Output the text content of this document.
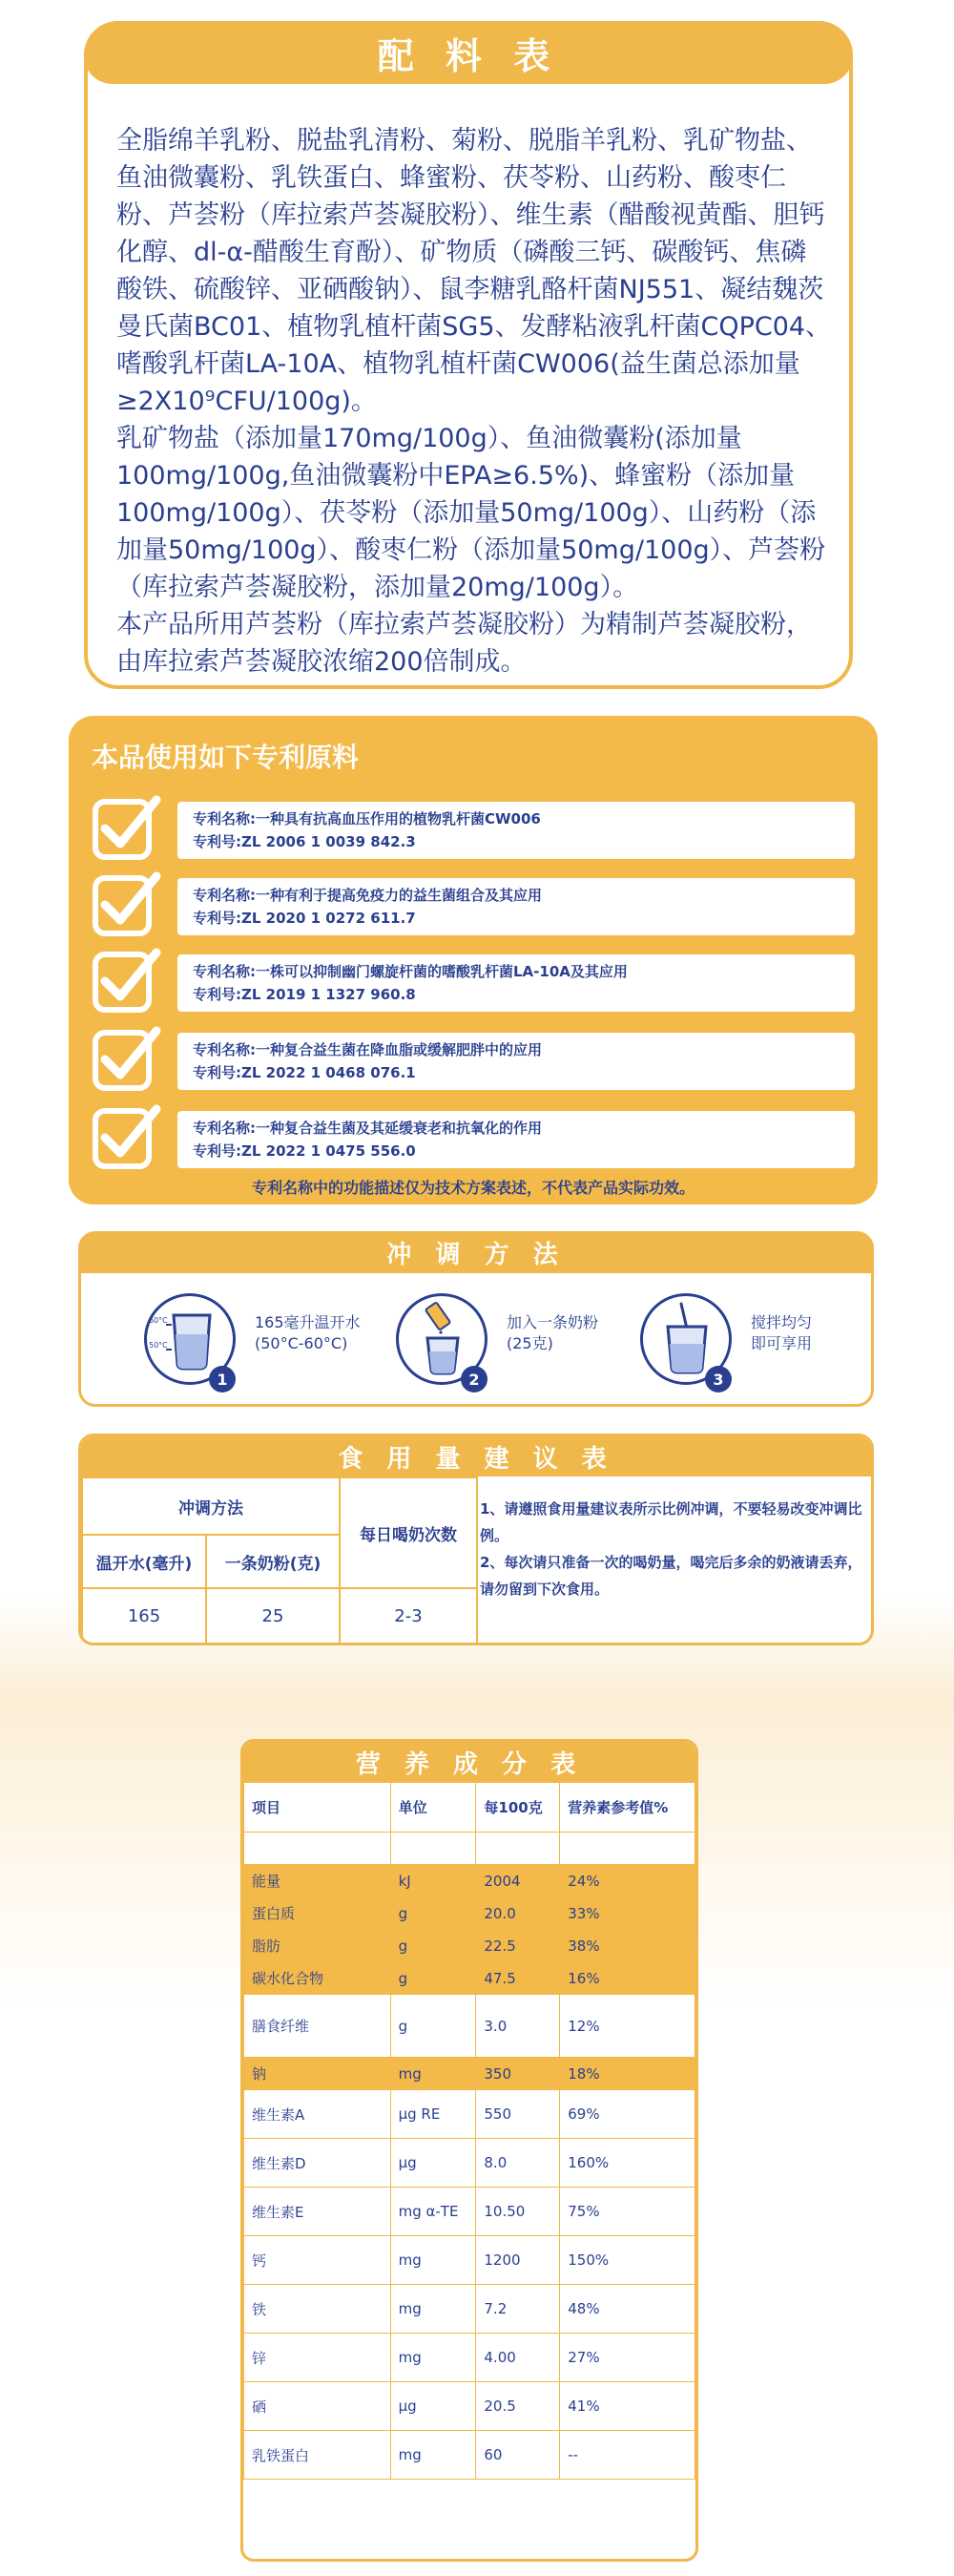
配 料 表

全脂绵羊乳粉、脱盐乳清粉、菊粉、脱脂羊乳粉、乳矿物盐、鱼油微囊粉、乳铁蛋白、蜂蜜粉、茯苓粉、山药粉、酸枣仁粉、芦荟粉（库拉索芦荟凝胶粉）、维生素（醋酸视黄酯、胆钙化醇、dl-α-醋酸生育酚）、矿物质（磷酸三钙、碳酸钙、焦磷酸铁、硫酸锌、亚硒酸钠）、鼠李糖乳酪杆菌NJ551、凝结魏茨曼氏菌BC01、植物乳植杆菌SG5、发酵粘液乳杆菌CQPC04、嗜酸乳杆菌LA-10A、植物乳植杆菌CW006(益生菌总添加量≥2X10⁹CFU/100g)。

乳矿物盐（添加量170mg/100g）、鱼油微囊粉(添加量100mg/100g,鱼油微囊粉中EPA≥6.5%)、蜂蜜粉（添加量100mg/100g）、茯苓粉（添加量50mg/100g）、山药粉（添加量50mg/100g）、酸枣仁粉（添加量50mg/100g）、芦荟粉（库拉索芦荟凝胶粉，添加量20mg/100g）。

本产品所用芦荟粉（库拉索芦荟凝胶粉）为精制芦荟凝胶粉，由库拉索芦荟凝胶浓缩200倍制成。

本品使用如下专利原料
专利名称:一种具有抗高血压作用的植物乳杆菌CW006
专利号:ZL 2006 1 0039 842.3
专利名称:一种有利于提高免疫力的益生菌组合及其应用
专利号:ZL 2020 1 0272 611.7
专利名称:一株可以抑制幽门螺旋杆菌的嗜酸乳杆菌LA-10A及其应用
专利号:ZL 2019 1 1327 960.8
专利名称:一种复合益生菌在降血脂或缓解肥胖中的应用
专利号:ZL 2022 1 0468 076.1
专利名称:一种复合益生菌及其延缓衰老和抗氧化的作用
专利号:ZL 2022 1 0475 556.0
专利名称中的功能描述仅为技术方案表述，不代表产品实际功效。
冲 调 方 法
60°C
50°C
1
165毫升温开水
(50°C-60°C)
2
加入一条奶粉
(25克)
3
搅拌均匀
即可享用
食 用 量 建 议 表
冲调方法		每日喝奶次数
温开水(毫升)	一条奶粉(克)	
165	25	2-3
1、请遵照食用量建议表所示比例冲调，不要轻易改变冲调比例。
2、每次请只准备一次的喝奶量，喝完后多余的奶液请丢弃，请勿留到下次食用。
营 养 成 分 表
项目	单位	每100克	营养素参考值%

能量	kJ	2004	24%
蛋白质	g	20.0	33%
脂肪	g	22.5	38%
碳水化合物	g	47.5	16%
膳食纤维	g	3.0	12%
钠	mg	350	18%
维生素A	μg RE	550	69%
维生素D	μg	8.0	160%
维生素E	mg α-TE	10.50	75%
钙	mg	1200	150%
铁	mg	7.2	48%
锌	mg	4.00	27%
硒	μg	20.5	41%
乳铁蛋白	mg	60	--
